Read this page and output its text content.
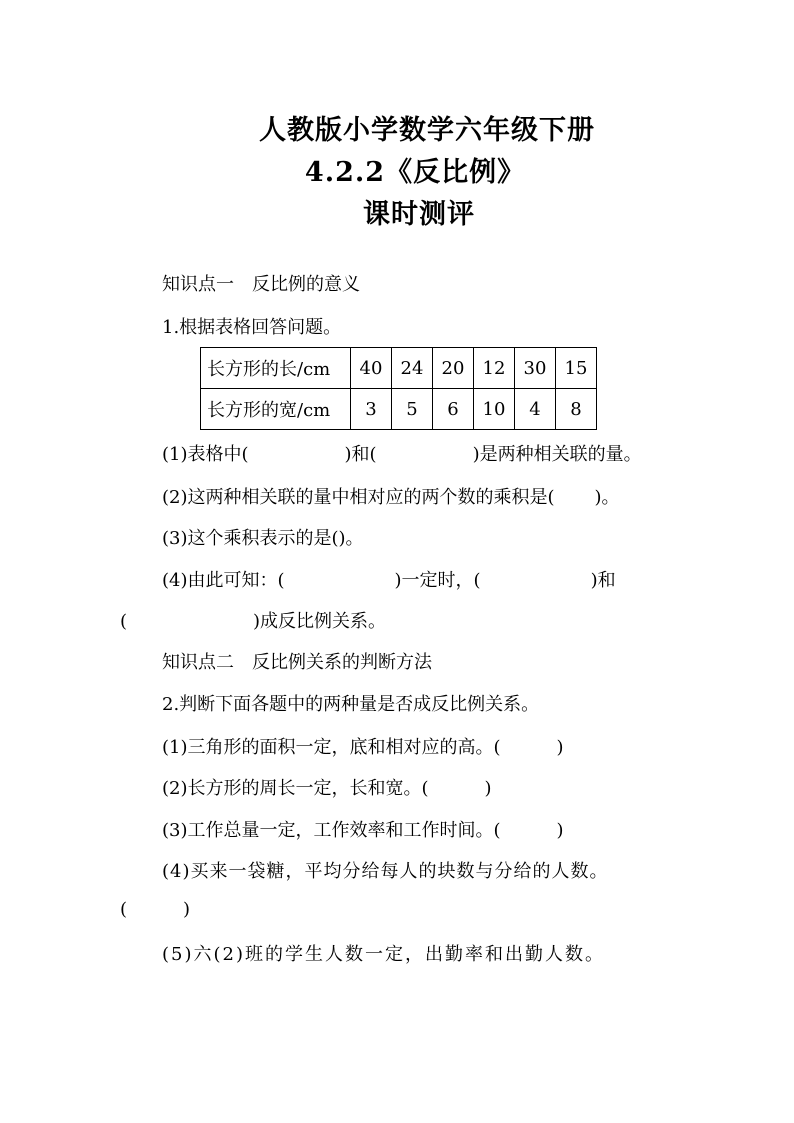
人教版小学数学六年级下册
4.2.2《反比例》
课时测评
知识点一　反比例的意义
1.根据表格回答问题。
长方形的长/cm	40	24	20	12	30	15
长方形的宽/cm	3	5	6	10	4	8
(1)表格中(	)和(	)是两种相关联的量。
(2)这两种相关联的量中相对应的两个数的乘积是( )。
(3)这个乘积表示的是()。
(4)由此可知：(	)一定时，(	)和
(	)成反比例关系。
知识点二　反比例关系的判断方法
2.判断下面各题中的两种量是否成反比例关系。
(1)三角形的面积一定，底和相对应的高。(	)
(2)长方形的周长一定，长和宽。(	)
(3)工作总量一定，工作效率和工作时间。(	)
(4)买来一袋糖，平均分给每人的块数与分给的人数。
(	)
(5)六(2)班的学生人数一定，出勤率和出勤人数。
